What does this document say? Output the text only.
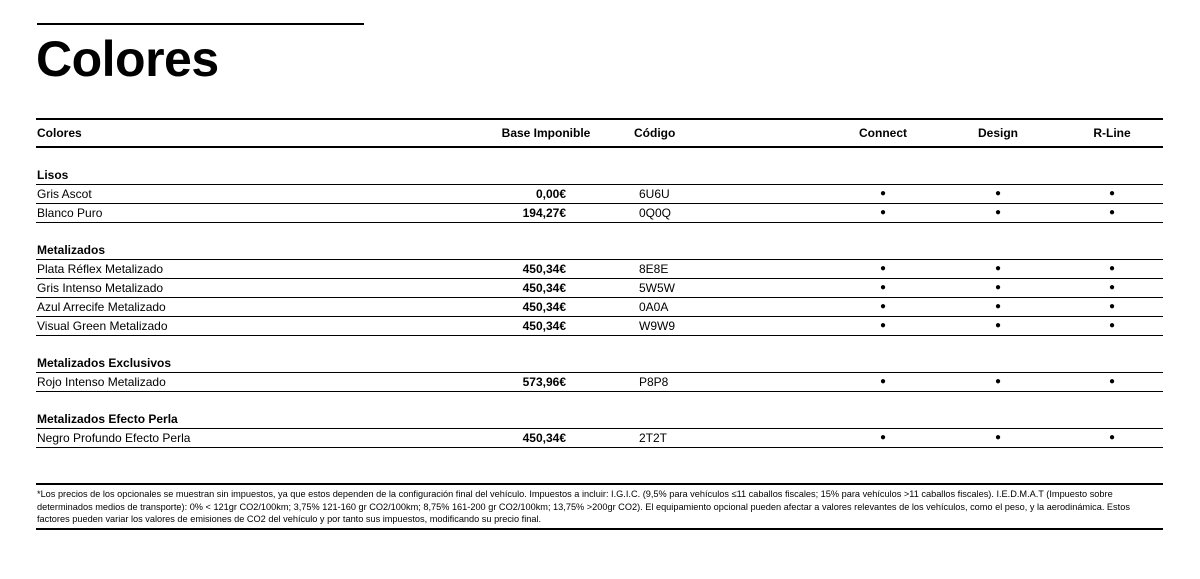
Colores
Colores	Base Imponible	Código	Connect	Design	R-Line
Lisos
Gris Ascot	0,00€	6U6U	●	●	●
Blanco Puro	194,27€	0Q0Q	●	●	●
Metalizados
Plata Réflex Metalizado	450,34€	8E8E	●	●	●
Gris Intenso Metalizado	450,34€	5W5W	●	●	●
Azul Arrecife Metalizado	450,34€	0A0A	●	●	●
Visual Green Metalizado	450,34€	W9W9	●	●	●
Metalizados Exclusivos
Rojo Intenso Metalizado	573,96€	P8P8	●	●	●
Metalizados Efecto Perla
Negro Profundo Efecto Perla	450,34€	2T2T	●	●	●
*Los precios de los opcionales se muestran sin impuestos, ya que estos dependen de la configuración final del vehículo. Impuestos a incluir: I.G.I.C. (9,5% para vehículos ≤11 caballos fiscales; 15% para vehículos >11 caballos fiscales). I.E.D.M.A.T (Impuesto sobre determinados medios de transporte): 0% < 121gr CO2/100km; 3,75% 121-160 gr CO2/100km; 8,75% 161-200 gr CO2/100km; 13,75% >200gr CO2). El equipamiento opcional pueden afectar a valores relevantes de los vehículos, como el peso, y la aerodinámica. Estos factores pueden variar los valores de emisiones de CO2 del vehículo y por tanto sus impuestos, modificando su precio final.
